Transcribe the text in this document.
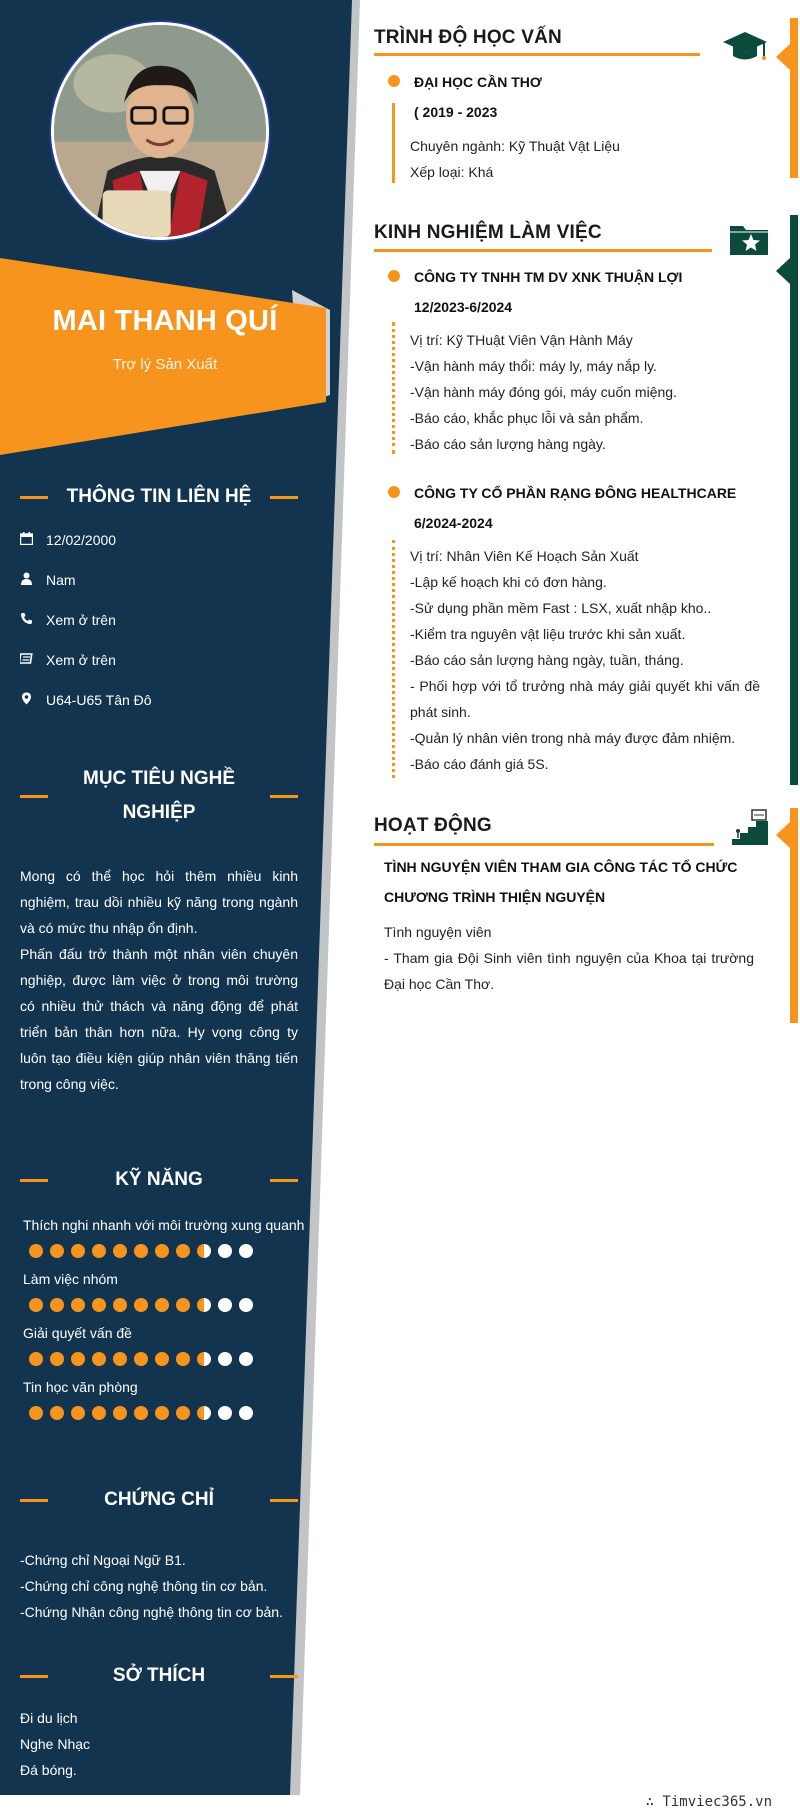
MAI THANH QUÍ
Trợ lý Sản Xuất
THÔNG TIN LIÊN HỆ
12/02/2000
Nam
Xem ở trên
Xem ở trên
U64-U65 Tân Đô
MỤC TIÊU NGHỀ
NGHIỆP
Mong có thể học hỏi thêm nhiều kinh nghiệm, trau dồi nhiều kỹ năng trong ngành và có mức thu nhập ổn định.
Phấn đấu trở thành một nhân viên chuyên nghiệp, được làm việc ở trong môi trường có nhiều thử thách và năng động để phát triển bản thân hơn nữa. Hy vọng công ty luôn tạo điều kiện giúp nhân viên thăng tiến trong công việc.
KỸ NĂNG
Thích nghi nhanh với môi trường xung quanh
Làm việc nhóm
Giải quyết vấn đề
Tin học văn phòng
CHỨNG CHỈ
-Chứng chỉ Ngoại Ngữ B1.
-Chứng chỉ công nghệ thông tin cơ bản.
-Chứng Nhận công nghệ thông tin cơ bản.
SỞ THÍCH
Đi du lịch
Nghe Nhạc
Đá bóng.
TRÌNH ĐỘ HỌC VẤN
ĐẠI HỌC CẦN THƠ
( 2019 - 2023
Chuyên ngành: Kỹ Thuật Vật Liệu
Xếp loại: Khá
KINH NGHIỆM LÀM VIỆC
CÔNG TY TNHH TM DV XNK THUẬN LỢI
12/2023-6/2024
Vị trí: Kỹ THuật Viên Vận Hành Máy
-Vận hành máy thổi: máy ly, máy nắp ly.
-Vận hành máy đóng gói, máy cuốn miệng.
-Báo cáo, khắc phục lỗi và sản phẩm.
-Báo cáo sản lượng hàng ngày.
CÔNG TY CỔ PHẦN RẠNG ĐÔNG HEALTHCARE
6/2024-2024
Vị trí: Nhân Viên Kế Hoạch Sản Xuất
-Lập kế hoạch khi có đơn hàng.
-Sử dụng phần mềm Fast : LSX, xuất nhập kho..
-Kiểm tra nguyên vật liệu trước khi sản xuất.
-Báo cáo sản lượng hàng ngày, tuần, tháng.
- Phối hợp với tổ trưởng nhà máy giải quyết khi vấn đề phát sinh.
-Quản lý nhân viên trong nhà máy được đảm nhiệm.
-Báo cáo đánh giá 5S.
HOẠT ĐỘNG
TÌNH NGUYỆN VIÊN THAM GIA CÔNG TÁC TỔ CHỨC CHƯƠNG TRÌNH THIỆN NGUYỆN
Tình nguyện viên
- Tham gia Đội Sinh viên tình nguyện của Khoa tại trường Đại học Cần Thơ.
∴ Timviec365.vn
